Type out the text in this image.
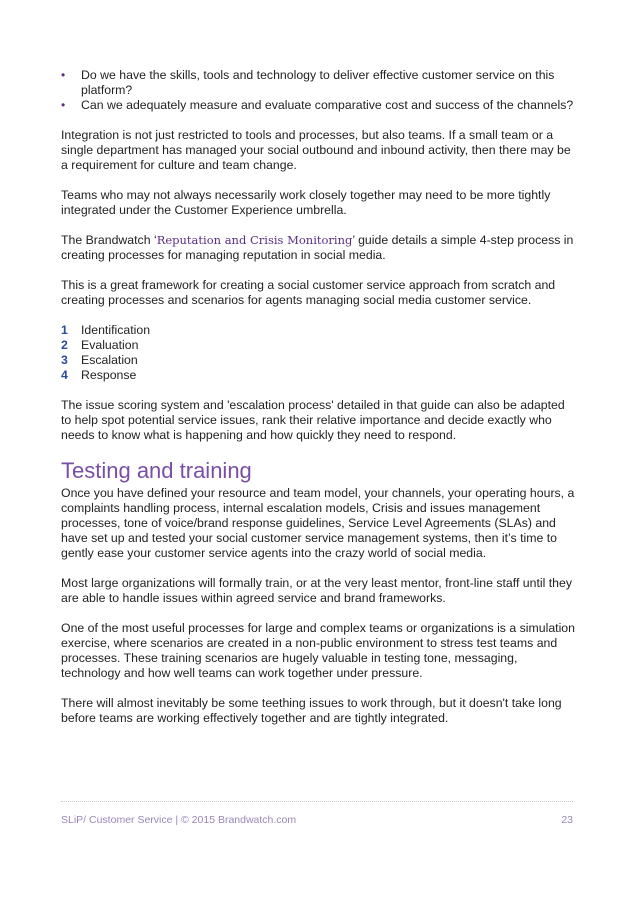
• Do we have the skills, tools and technology to deliver effective customer service on this platform?
• Can we adequately measure and evaluate comparative cost and success of the channels?

Integration is not just restricted to tools and processes, but also teams. If a small team or a single department has managed your social outbound and inbound activity, then there may be a requirement for culture and team change.

Teams who may not always necessarily work closely together may need to be more tightly integrated under the Customer Experience umbrella.

The Brandwatch ‘Reputation and Crisis Monitoring’ guide details a simple 4-step process in creating processes for managing reputation in social media.

This is a great framework for creating a social customer service approach from scratch and creating processes and scenarios for agents managing social media customer service.

1	Identification
2	Evaluation
3	Escalation
4	Response

The issue scoring system and 'escalation process' detailed in that guide can also be adapted to help spot potential service issues, rank their relative importance and decide exactly who needs to know what is happening and how quickly they need to respond.

Testing and training

Once you have defined your resource and team model, your channels, your operating hours, a complaints handling process, internal escalation models, Crisis and issues management processes, tone of voice/brand response guidelines, Service Level Agreements (SLAs) and have set up and tested your social customer service management systems, then it’s time to gently ease your customer service agents into the crazy world of social media.

Most large organizations will formally train, or at the very least mentor, front-line staff until they are able to handle issues within agreed service and brand frameworks.

One of the most useful processes for large and complex teams or organizations is a simulation exercise, where scenarios are created in a non-public environment to stress test teams and processes. These training scenarios are hugely valuable in testing tone, messaging, technology and how well teams can work together under pressure.

There will almost inevitably be some teething issues to work through, but it doesn't take long before teams are working effectively together and are tightly integrated.

SLiP/ Customer Service | © 2015 Brandwatch.com	23
